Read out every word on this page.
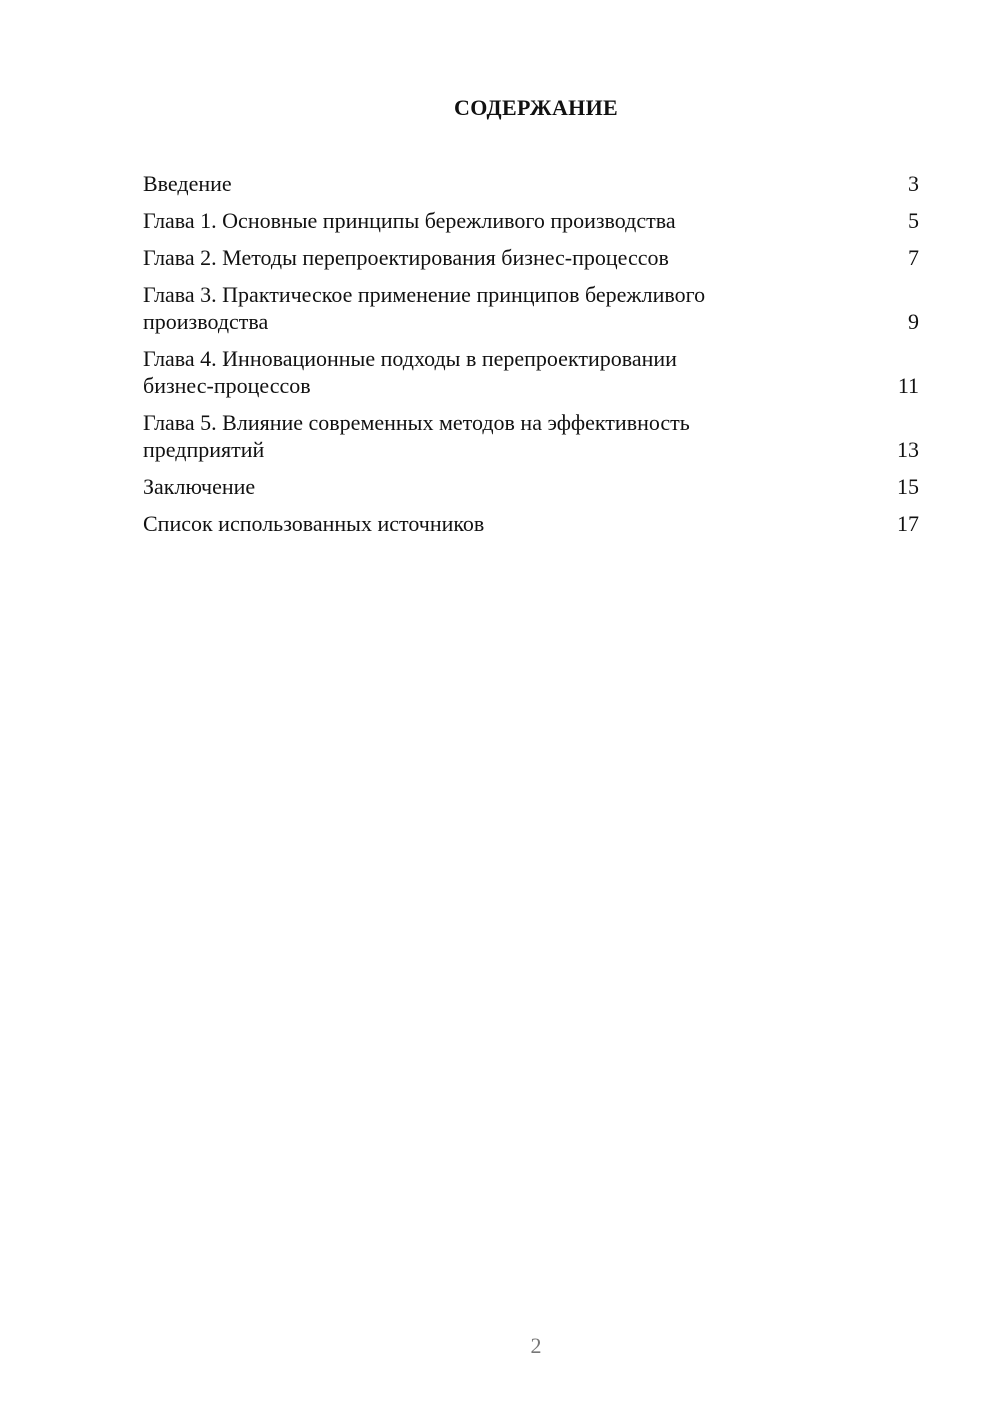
СОДЕРЖАНИЕ
Введение	3
Глава 1. Основные принципы бережливого производства	5
Глава 2. Методы перепроектирования бизнес-процессов	7
Глава 3. Практическое применение принципов бережливого
производства	9
Глава 4. Инновационные подходы в перепроектировании
бизнес-процессов	11
Глава 5. Влияние современных методов на эффективность
предприятий	13
Заключение	15
Список использованных источников	17
2
